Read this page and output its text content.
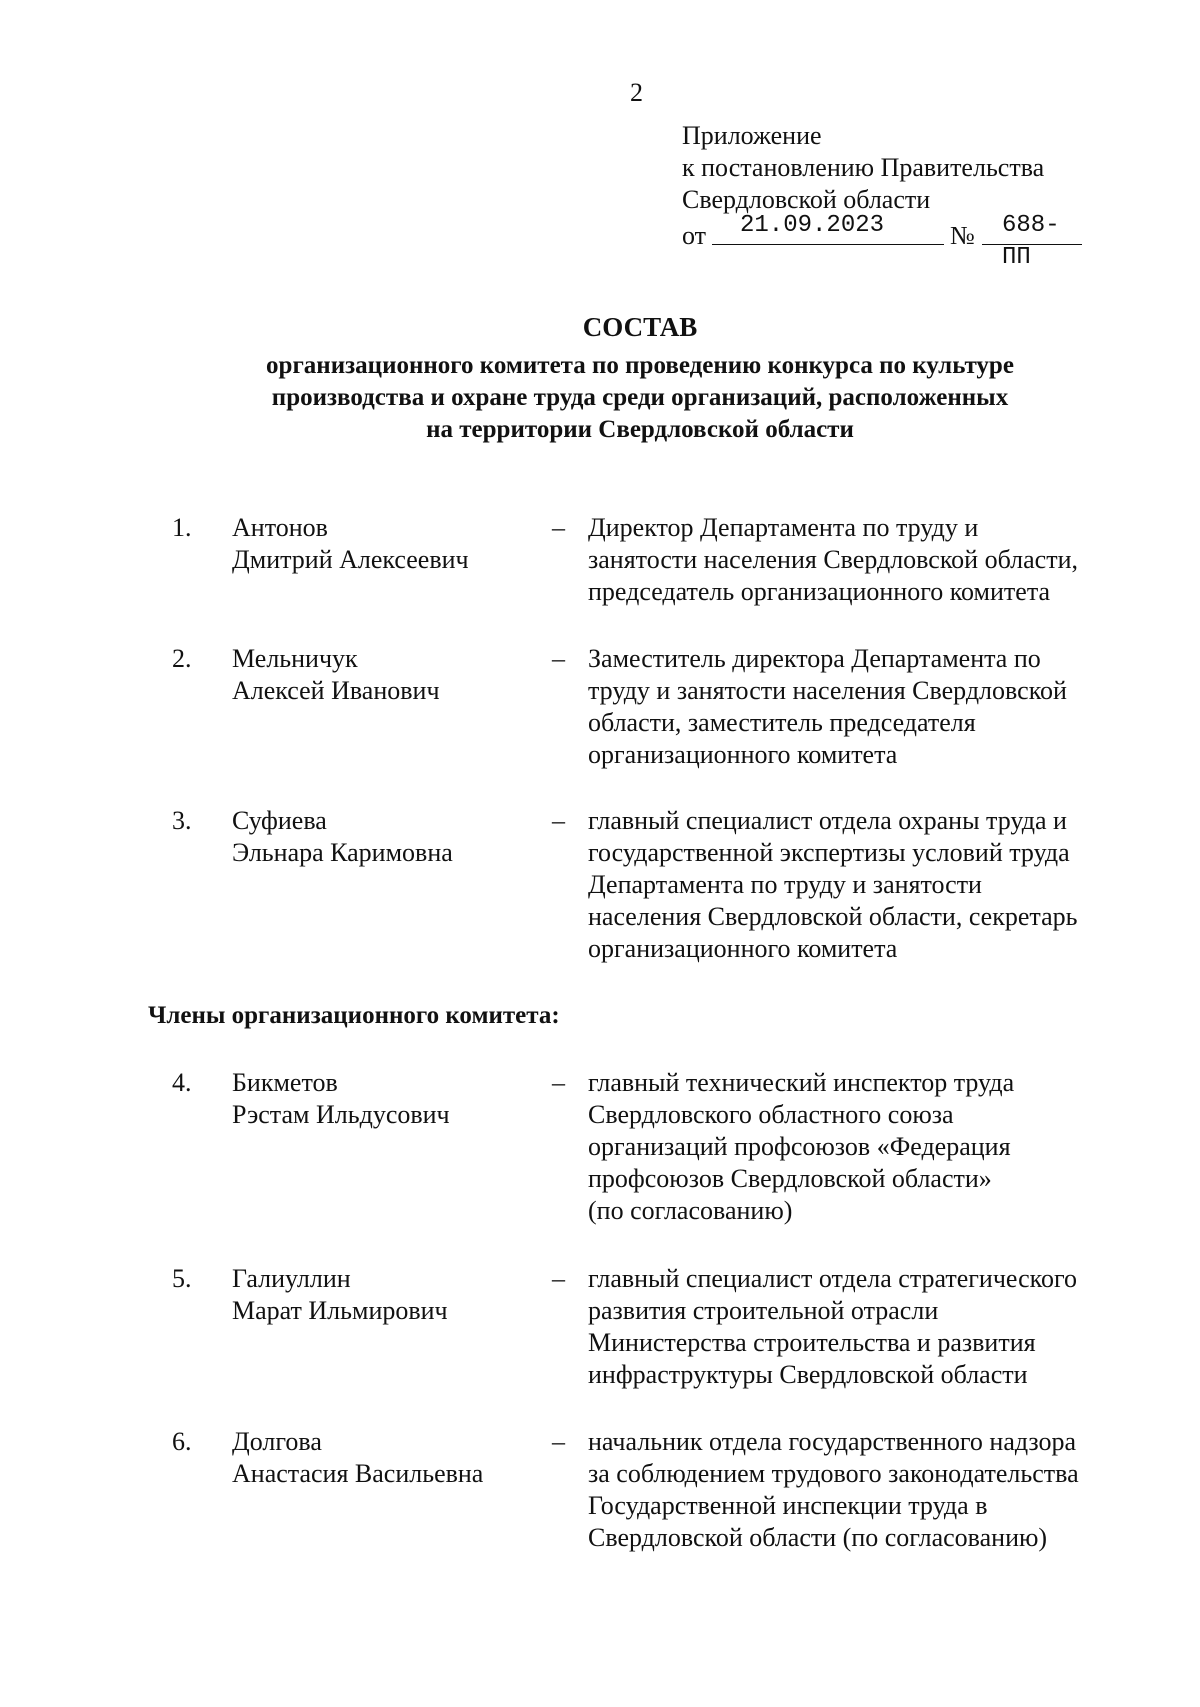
2
Приложение
к постановлению Правительства
Свердловской области
от 21.09.2023	№ 688-ПП
СОСТАВ
организационного комитета по проведению конкурса по культуре
производства и охране труда среди организаций, расположенных
на территории Свердловской области
1. Антонов
Дмитрий Алексеевич
– Директор Департамента по труду и
занятости населения Свердловской области,
председатель организационного комитета
2. Мельничук
Алексей Иванович
– Заместитель директора Департамента по
труду и занятости населения Свердловской
области, заместитель председателя
организационного комитета
3. Суфиева
Эльнара Каримовна
– главный специалист отдела охраны труда и
государственной экспертизы условий труда
Департамента по труду и занятости
населения Свердловской области, секретарь
организационного комитета
Члены организационного комитета:
4. Бикметов
Рэстам Ильдусович
– главный технический инспектор труда
Свердловского областного союза
организаций профсоюзов «Федерация
профсоюзов Свердловской области»
(по согласованию)
5. Галиуллин
Марат Ильмирович
– главный специалист отдела стратегического
развития строительной отрасли
Министерства строительства и развития
инфраструктуры Свердловской области
6. Долгова
Анастасия Васильевна
– начальник отдела государственного надзора
за соблюдением трудового законодательства
Государственной инспекции труда в
Свердловской области (по согласованию)
